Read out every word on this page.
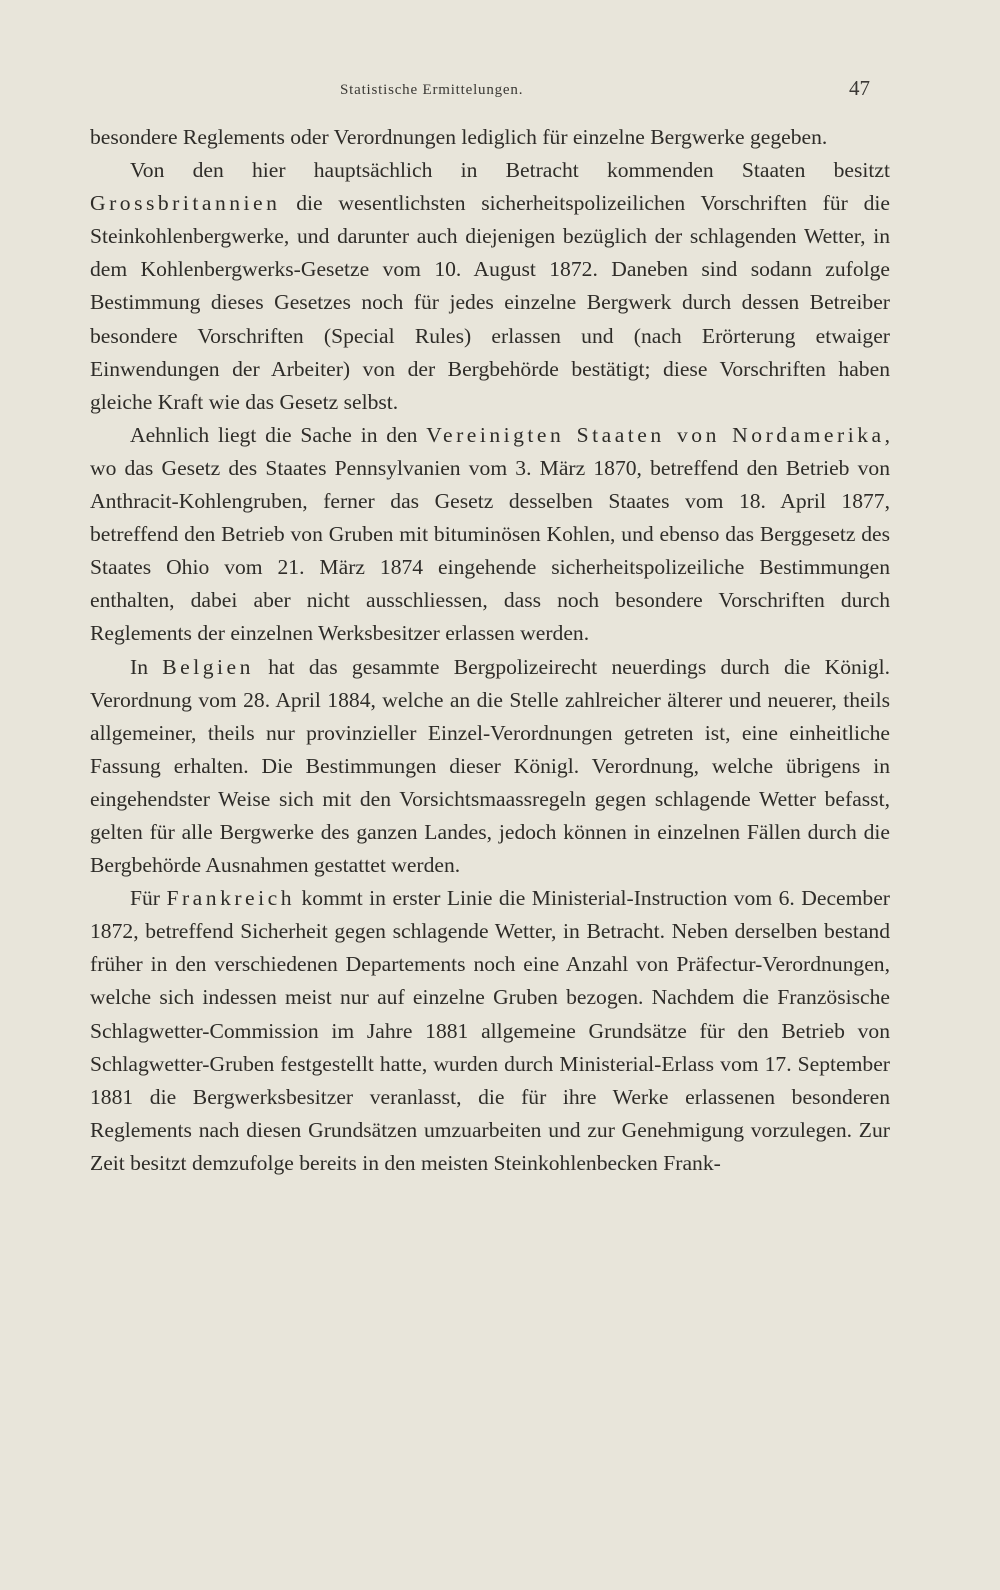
Statistische Ermittelungen.	47

besondere Reglements oder Verordnungen lediglich für einzelne Bergwerke gegeben.

Von den hier hauptsächlich in Betracht kommenden Staaten besitzt Grossbritannien die wesentlichsten sicherheitspolizeilichen Vorschriften für die Steinkohlenbergwerke, und darunter auch diejenigen bezüglich der schlagenden Wetter, in dem Kohlenbergwerks-Gesetze vom 10. August 1872. Daneben sind sodann zufolge Bestimmung dieses Gesetzes noch für jedes einzelne Bergwerk durch dessen Betreiber besondere Vorschriften (Special Rules) erlassen und (nach Erörterung etwaiger Einwendungen der Arbeiter) von der Bergbehörde bestätigt; diese Vorschriften haben gleiche Kraft wie das Gesetz selbst.

Aehnlich liegt die Sache in den Vereinigten Staaten von Nordamerika, wo das Gesetz des Staates Pennsylvanien vom 3. März 1870, betreffend den Betrieb von Anthracit-Kohlengruben, ferner das Gesetz desselben Staates vom 18. April 1877, betreffend den Betrieb von Gruben mit bituminösen Kohlen, und ebenso das Berggesetz des Staates Ohio vom 21. März 1874 eingehende sicherheitspolizeiliche Bestimmungen enthalten, dabei aber nicht ausschliessen, dass noch besondere Vorschriften durch Reglements der einzelnen Werksbesitzer erlassen werden.

In Belgien hat das gesammte Bergpolizeirecht neuerdings durch die Königl. Verordnung vom 28. April 1884, welche an die Stelle zahlreicher älterer und neuerer, theils allgemeiner, theils nur provinzieller Einzel-Verordnungen getreten ist, eine einheitliche Fassung erhalten. Die Bestimmungen dieser Königl. Verordnung, welche übrigens in eingehendster Weise sich mit den Vorsichtsmaassregeln gegen schlagende Wetter befasst, gelten für alle Bergwerke des ganzen Landes, jedoch können in einzelnen Fällen durch die Bergbehörde Ausnahmen gestattet werden.

Für Frankreich kommt in erster Linie die Ministerial-Instruction vom 6. December 1872, betreffend Sicherheit gegen schlagende Wetter, in Betracht. Neben derselben bestand früher in den verschiedenen Departements noch eine Anzahl von Präfectur-Verordnungen, welche sich indessen meist nur auf einzelne Gruben bezogen. Nachdem die Französische Schlagwetter-Commission im Jahre 1881 allgemeine Grundsätze für den Betrieb von Schlagwetter-Gruben festgestellt hatte, wurden durch Ministerial-Erlass vom 17. September 1881 die Bergwerksbesitzer veranlasst, die für ihre Werke erlassenen besonderen Reglements nach diesen Grundsätzen umzuarbeiten und zur Genehmigung vorzulegen. Zur Zeit besitzt demzufolge bereits in den meisten Steinkohlenbecken Frank-
